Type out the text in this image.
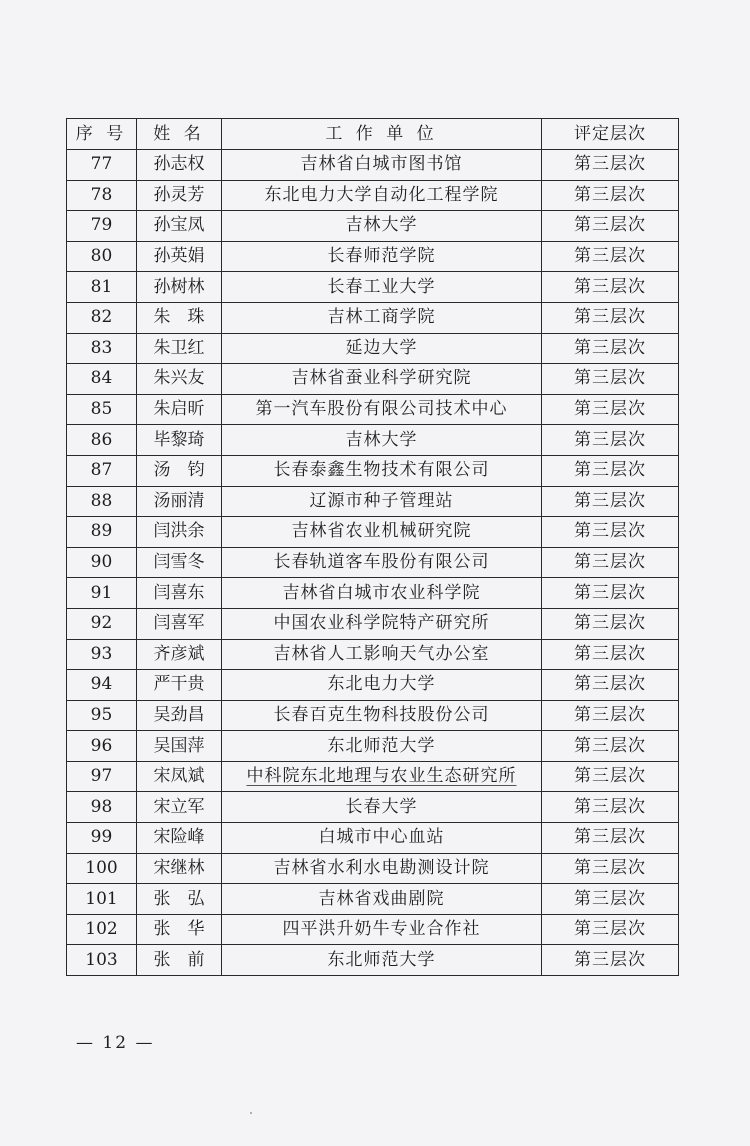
序 号	姓 名	工 作 单 位	评定层次
77	孙志权	吉林省白城市图书馆	第三层次
78	孙灵芳	东北电力大学自动化工程学院	第三层次
79	孙宝凤	吉林大学	第三层次
80	孙英娟	长春师范学院	第三层次
81	孙树林	长春工业大学	第三层次
82	朱　珠	吉林工商学院	第三层次
83	朱卫红	延边大学	第三层次
84	朱兴友	吉林省蚕业科学研究院	第三层次
85	朱启昕	第一汽车股份有限公司技术中心	第三层次
86	毕黎琦	吉林大学	第三层次
87	汤　钧	长春泰鑫生物技术有限公司	第三层次
88	汤丽清	辽源市种子管理站	第三层次
89	闫洪余	吉林省农业机械研究院	第三层次
90	闫雪冬	长春轨道客车股份有限公司	第三层次
91	闫喜东	吉林省白城市农业科学院	第三层次
92	闫喜军	中国农业科学院特产研究所	第三层次
93	齐彦斌	吉林省人工影响天气办公室	第三层次
94	严干贵	东北电力大学	第三层次
95	吴劲昌	长春百克生物科技股份公司	第三层次
96	吴国萍	东北师范大学	第三层次
97	宋凤斌	中科院东北地理与农业生态研究所	第三层次
98	宋立军	长春大学	第三层次
99	宋险峰	白城市中心血站	第三层次
100	宋继林	吉林省水利水电勘测设计院	第三层次
101	张　弘	吉林省戏曲剧院	第三层次
102	张　华	四平洪升奶牛专业合作社	第三层次
103	张　前	东北师范大学	第三层次
— 12 —
